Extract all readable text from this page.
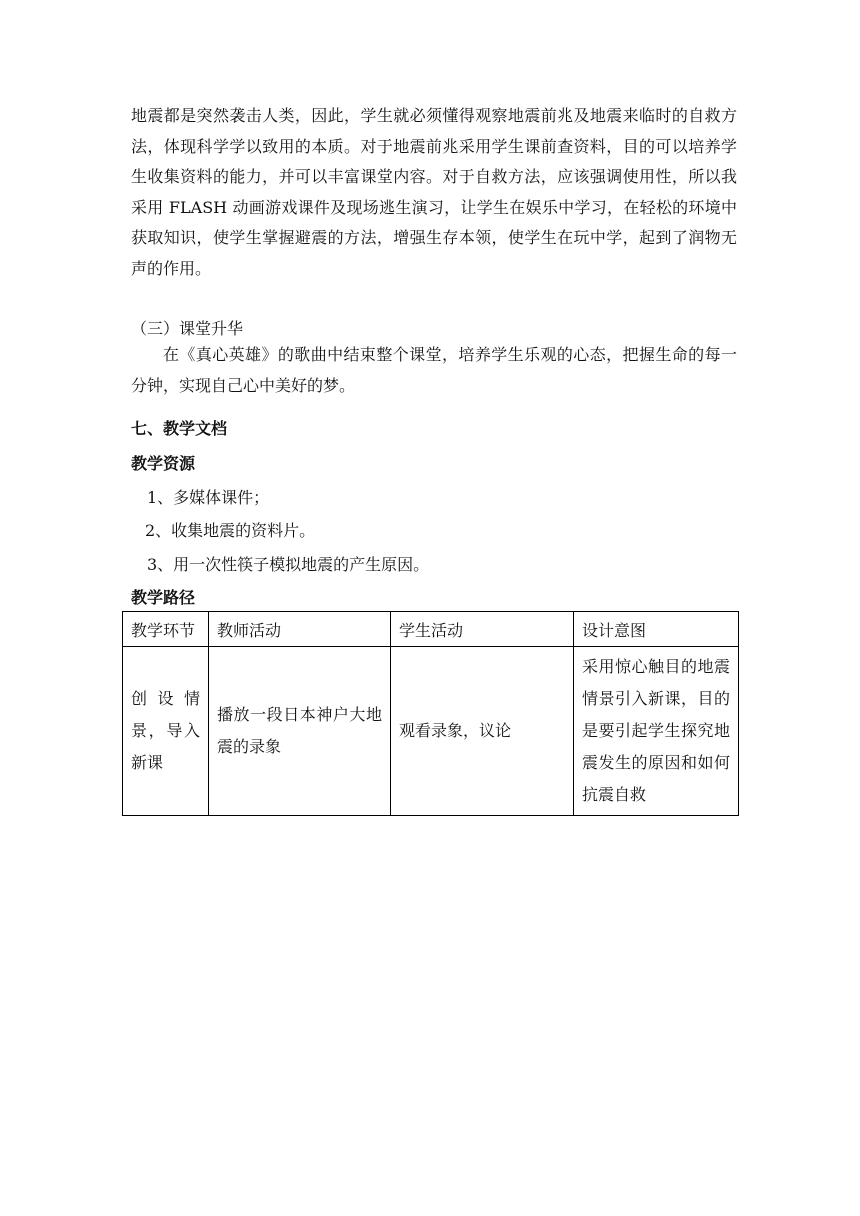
地震都是突然袭击人类，因此，学生就必须懂得观察地震前兆及地震来临时的自救方法，体现科学学以致用的本质。对于地震前兆采用学生课前查资料，目的可以培养学生收集资料的能力，并可以丰富课堂内容。对于自救方法，应该强调使用性，所以我采用 FLASH 动画游戏课件及现场逃生演习，让学生在娱乐中学习，在轻松的环境中获取知识，使学生掌握避震的方法，增强生存本领，使学生在玩中学，起到了润物无声的作用。

（三）课堂升华

在《真心英雄》的歌曲中结束整个课堂，培养学生乐观的心态，把握生命的每一分钟，实现自己心中美好的梦。

七、教学文档

教学资源

1、多媒体课件；

2、收集地震的资料片。

3、用一次性筷子模拟地震的产生原因。

教学路径

教学环节	教师活动	学生活动	设计意图
创设情景，导入新课	播放一段日本神户大地震的录象	观看录象，议论	采用惊心触目的地震情景引入新课，目的是要引起学生探究地震发生的原因和如何抗震自救
